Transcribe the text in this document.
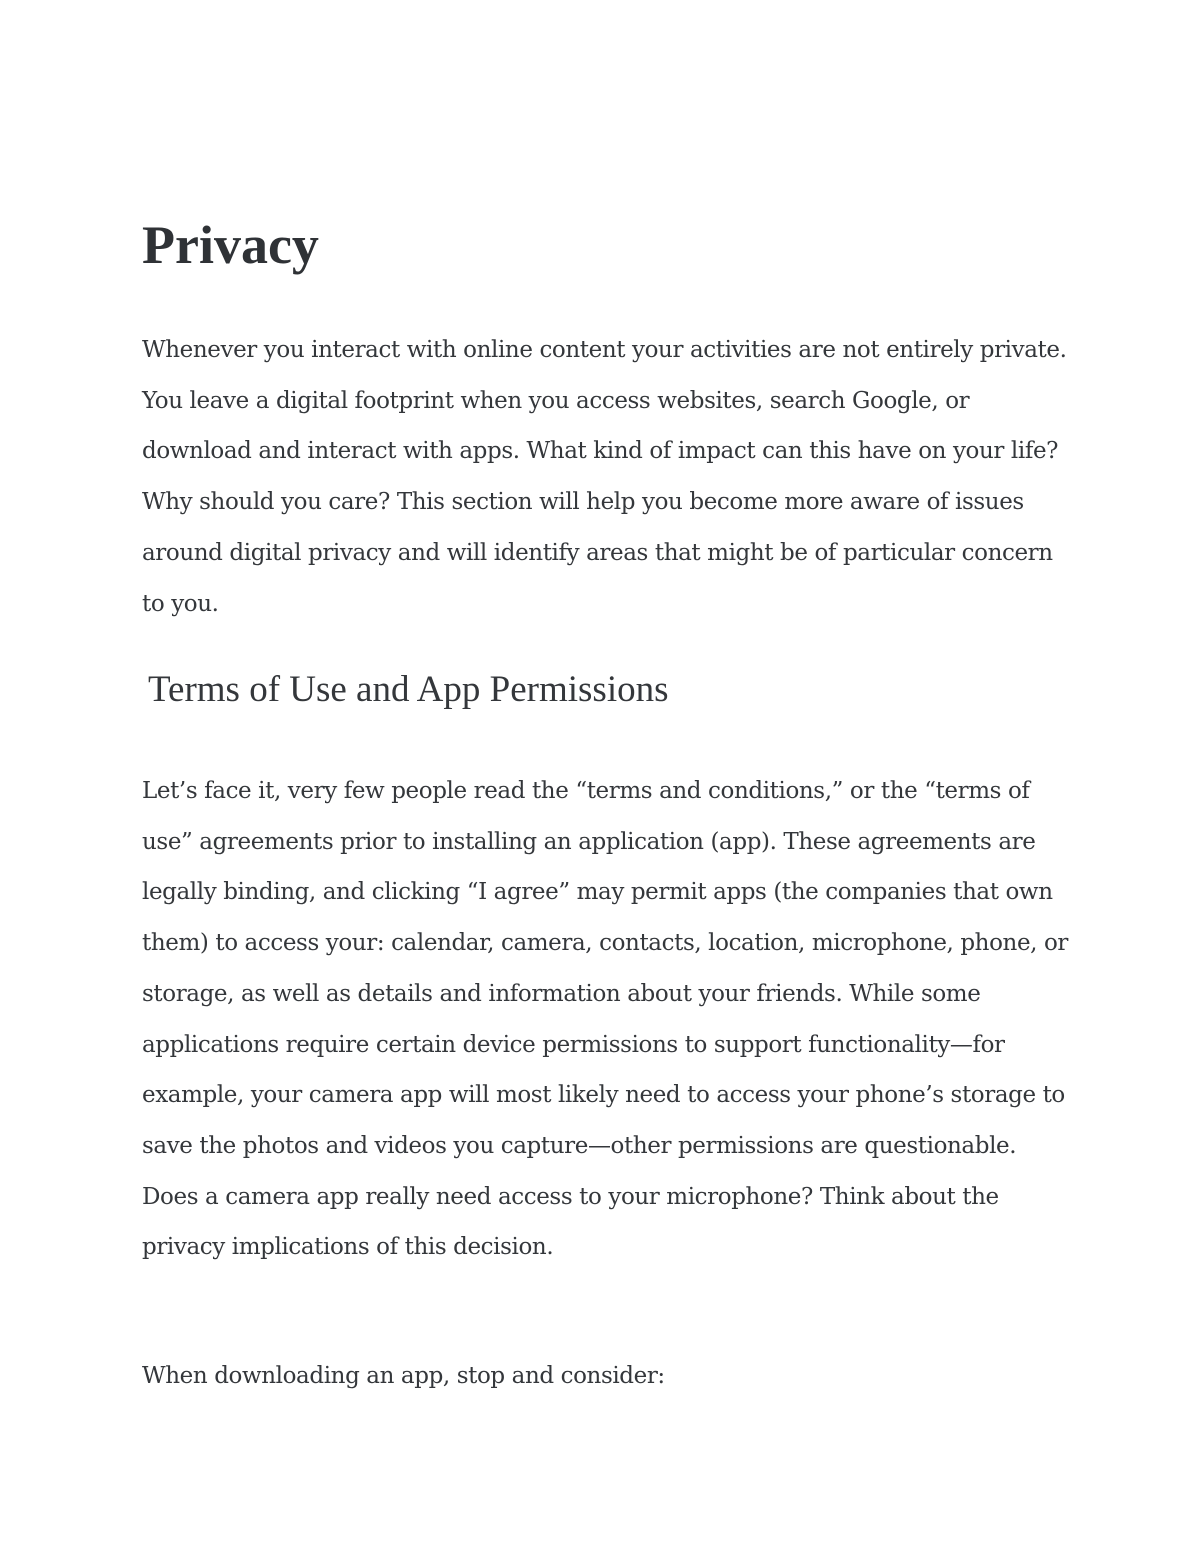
Privacy

Whenever you interact with online content your activities are not entirely private. You leave a digital footprint when you access websites, search Google, or download and interact with apps. What kind of impact can this have on your life? Why should you care? This section will help you become more aware of issues around digital privacy and will identify areas that might be of particular concern to you.

Terms of Use and App Permissions

Let’s face it, very few people read the “terms and conditions,” or the “terms of use” agreements prior to installing an application (app). These agreements are legally binding, and clicking “I agree” may permit apps (the companies that own them) to access your: calendar, camera, contacts, location, microphone, phone, or storage, as well as details and information about your friends. While some applications require certain device permissions to support functionality—for example, your camera app will most likely need to access your phone’s storage to save the photos and videos you capture—other permissions are questionable. Does a camera app really need access to your microphone? Think about the privacy implications of this decision.

When downloading an app, stop and consider:
